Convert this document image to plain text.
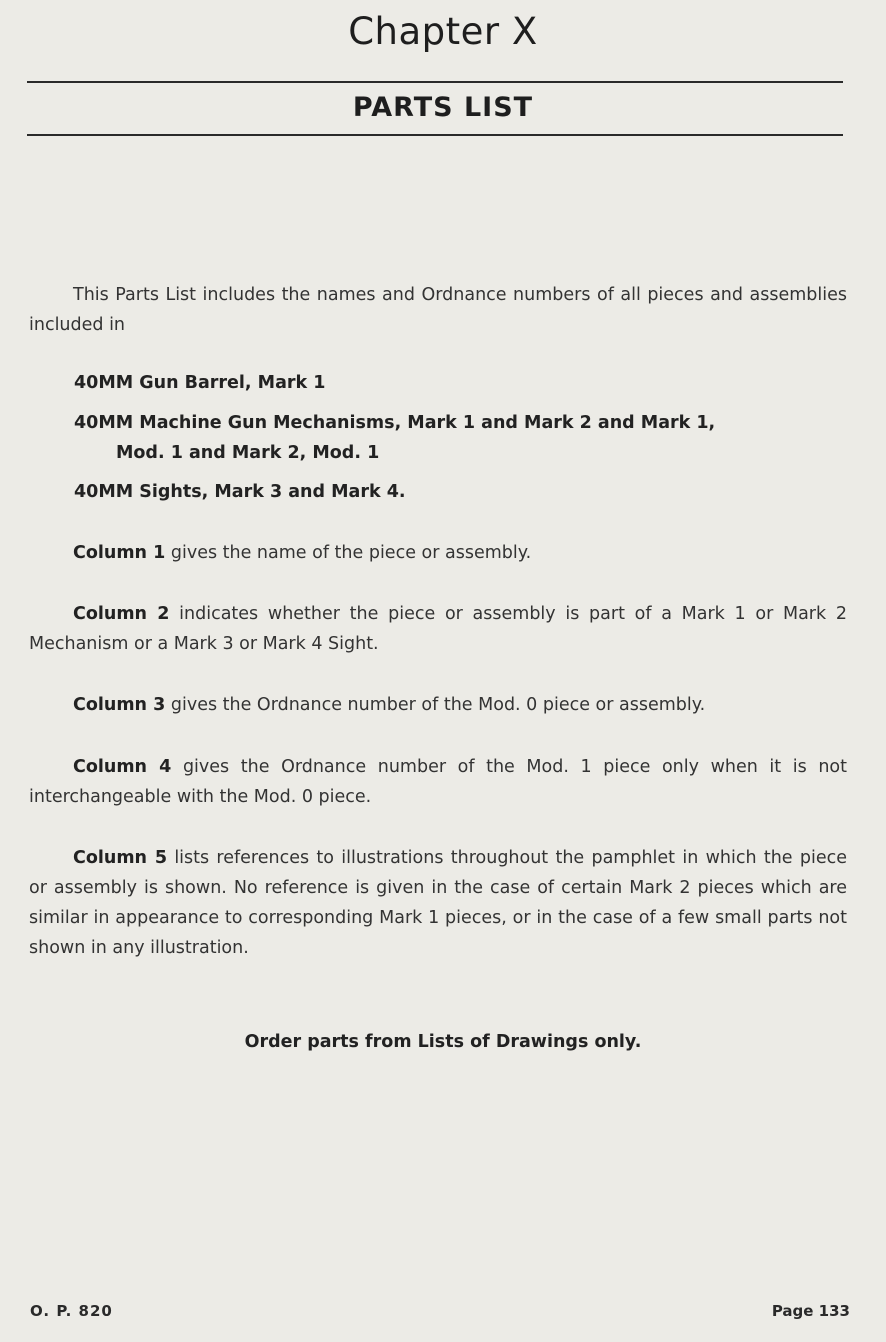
Chapter X
PARTS LIST

This Parts List includes the names and Ordnance numbers of all pieces and assemblies included in

40MM Gun Barrel, Mark 1
40MM Machine Gun Mechanisms, Mark 1 and Mark 2 and Mark 1,
Mod. 1 and Mark 2, Mod. 1
40MM Sights, Mark 3 and Mark 4.

Column 1 gives the name of the piece or assembly.

Column 2 indicates whether the piece or assembly is part of a Mark 1 or Mark 2 Mechanism or a Mark 3 or Mark 4 Sight.

Column 3 gives the Ordnance number of the Mod. 0 piece or assembly.

Column 4 gives the Ordnance number of the Mod. 1 piece only when it is not interchangeable with the Mod. 0 piece.

Column 5 lists references to illustrations throughout the pamphlet in which the piece or assembly is shown. No reference is given in the case of certain Mark 2 pieces which are similar in appearance to corresponding Mark 1 pieces, or in the case of a few small parts not shown in any illustration.

Order parts from Lists of Drawings only.
O. P. 820	Page 133
